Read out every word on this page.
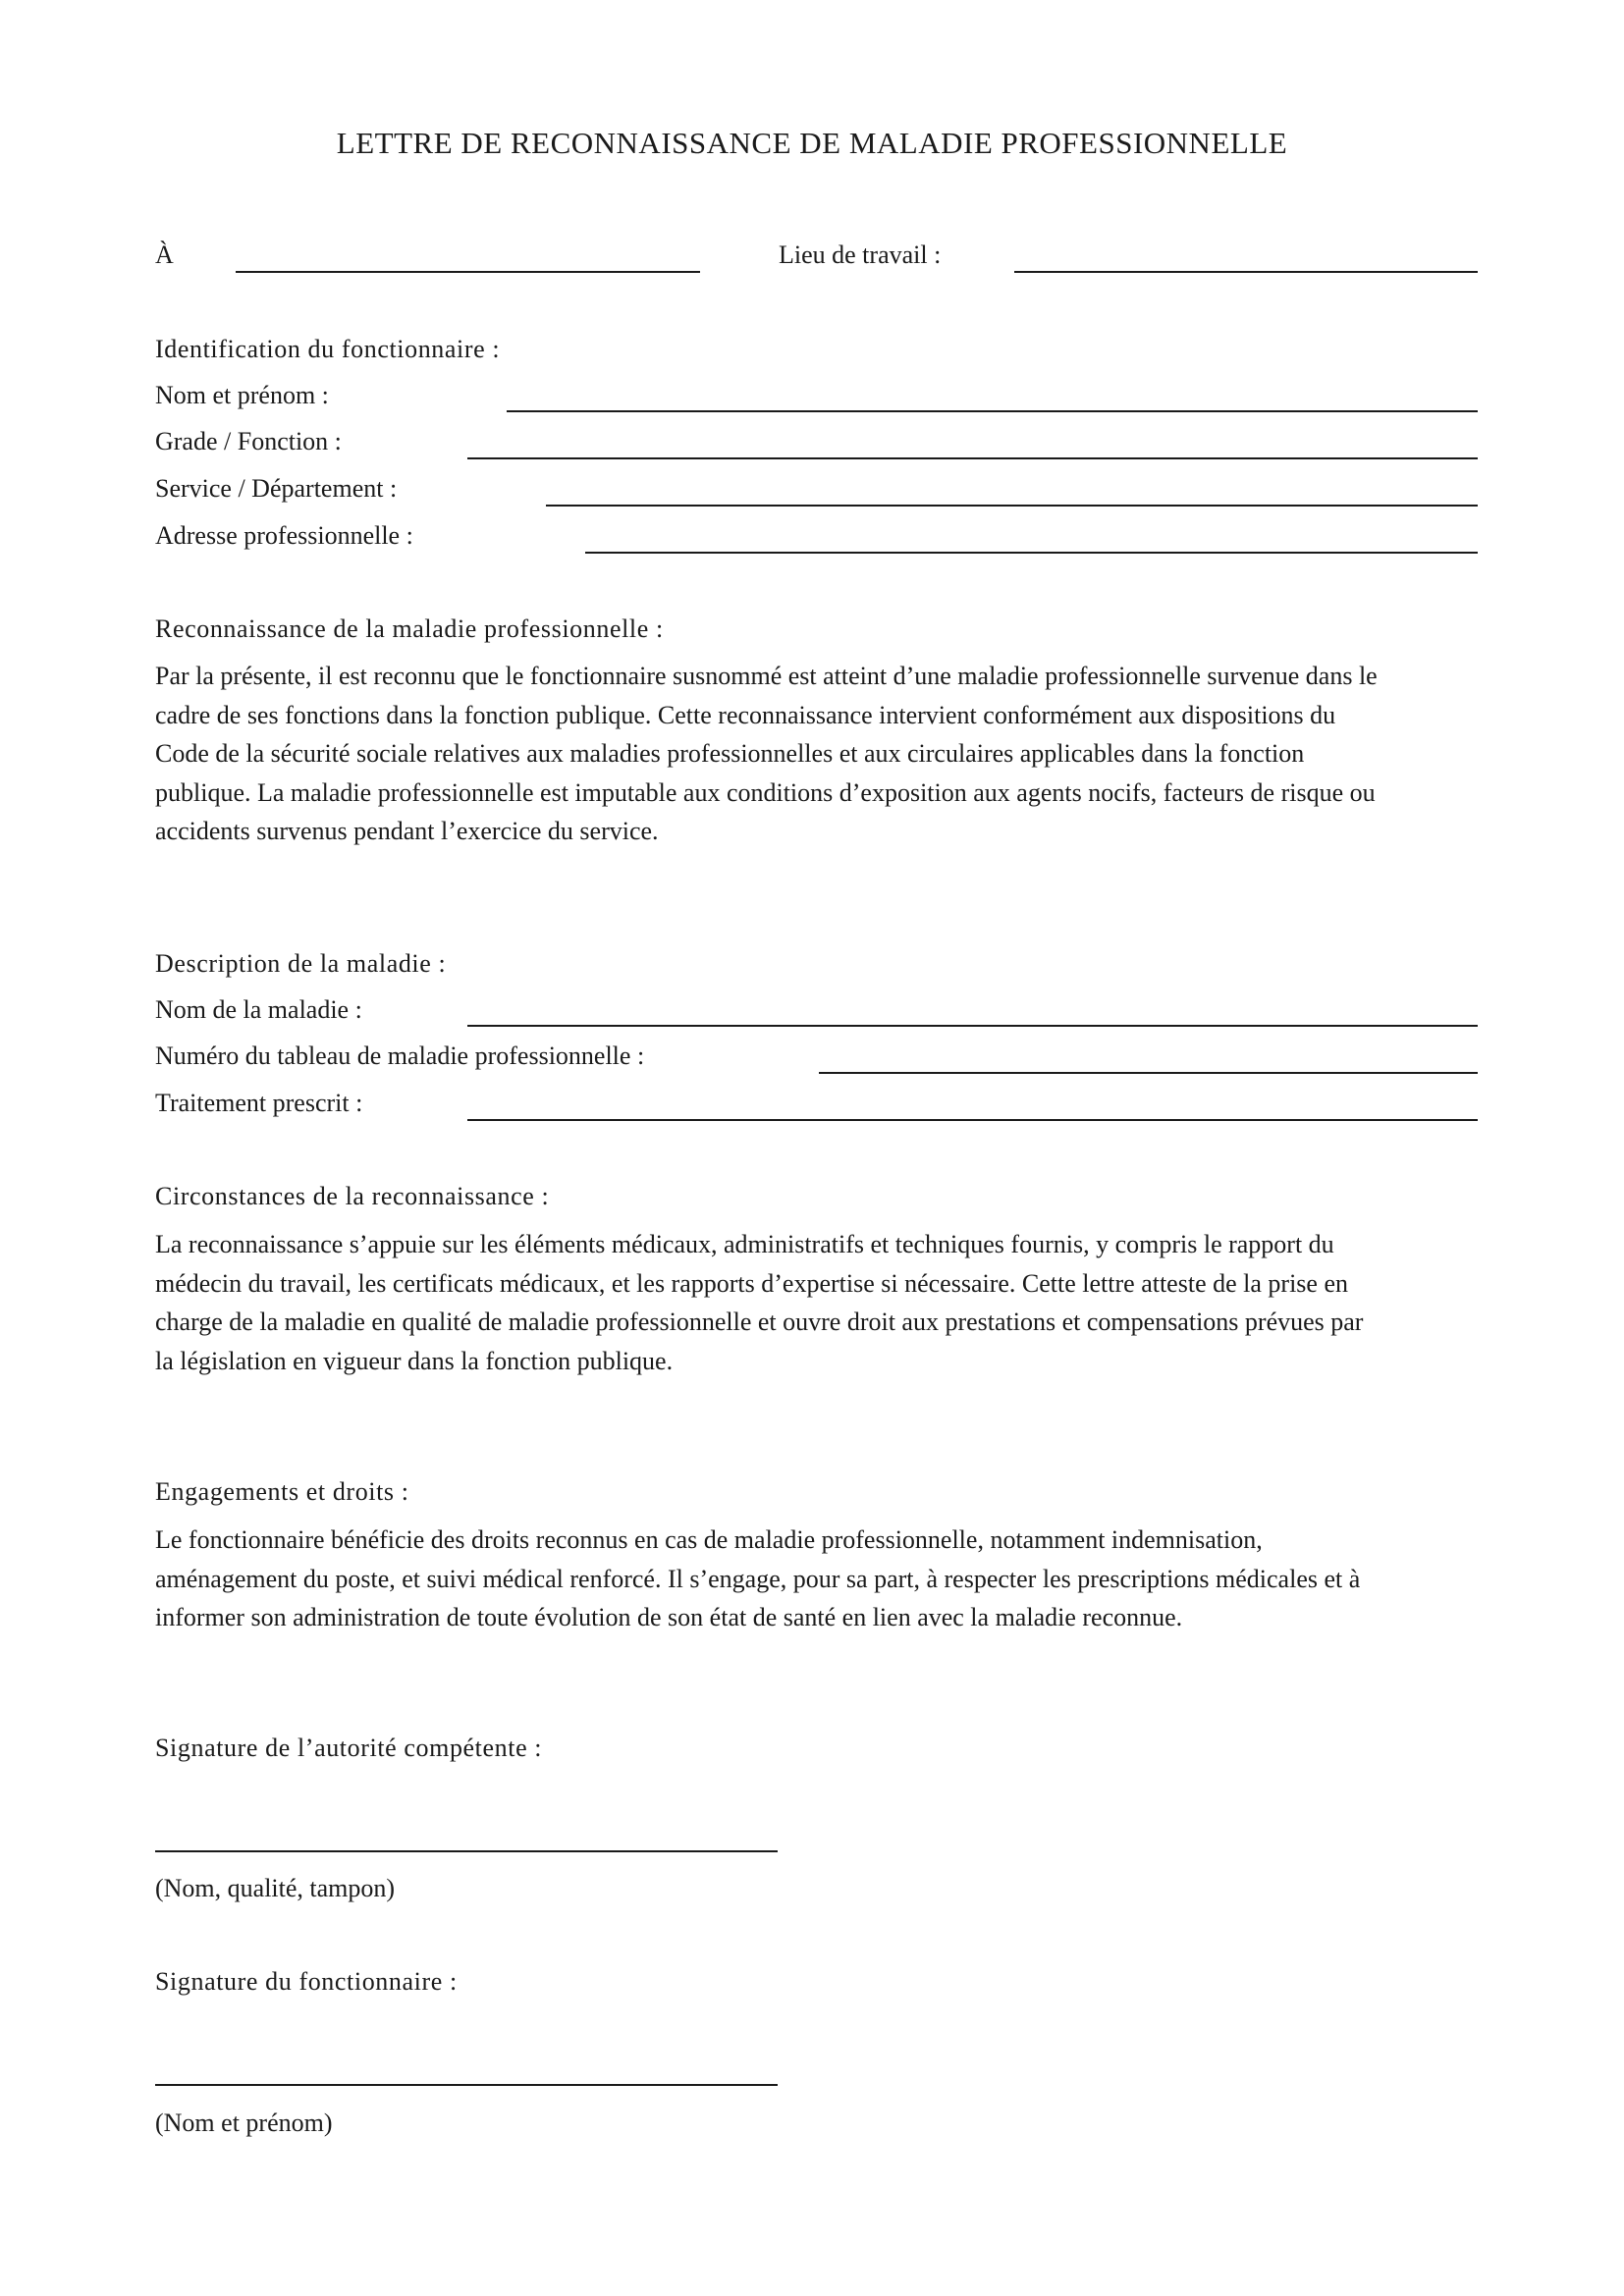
LETTRE DE RECONNAISSANCE DE MALADIE PROFESSIONNELLE
À	Lieu de travail :
Identification du fonctionnaire :
Nom et prénom :
Grade / Fonction :
Service / Département :
Adresse professionnelle :
Reconnaissance de la maladie professionnelle :
Par la présente, il est reconnu que le fonctionnaire susnommé est atteint d’une maladie professionnelle survenue dans le
cadre de ses fonctions dans la fonction publique. Cette reconnaissance intervient conformément aux dispositions du
Code de la sécurité sociale relatives aux maladies professionnelles et aux circulaires applicables dans la fonction
publique. La maladie professionnelle est imputable aux conditions d’exposition aux agents nocifs, facteurs de risque ou
accidents survenus pendant l’exercice du service.
Description de la maladie :
Nom de la maladie :
Numéro du tableau de maladie professionnelle :
Traitement prescrit :
Circonstances de la reconnaissance :
La reconnaissance s’appuie sur les éléments médicaux, administratifs et techniques fournis, y compris le rapport du
médecin du travail, les certificats médicaux, et les rapports d’expertise si nécessaire. Cette lettre atteste de la prise en
charge de la maladie en qualité de maladie professionnelle et ouvre droit aux prestations et compensations prévues par
la législation en vigueur dans la fonction publique.
Engagements et droits :
Le fonctionnaire bénéficie des droits reconnus en cas de maladie professionnelle, notamment indemnisation,
aménagement du poste, et suivi médical renforcé. Il s’engage, pour sa part, à respecter les prescriptions médicales et à
informer son administration de toute évolution de son état de santé en lien avec la maladie reconnue.
Signature de l’autorité compétente :
(Nom, qualité, tampon)
Signature du fonctionnaire :
(Nom et prénom)
